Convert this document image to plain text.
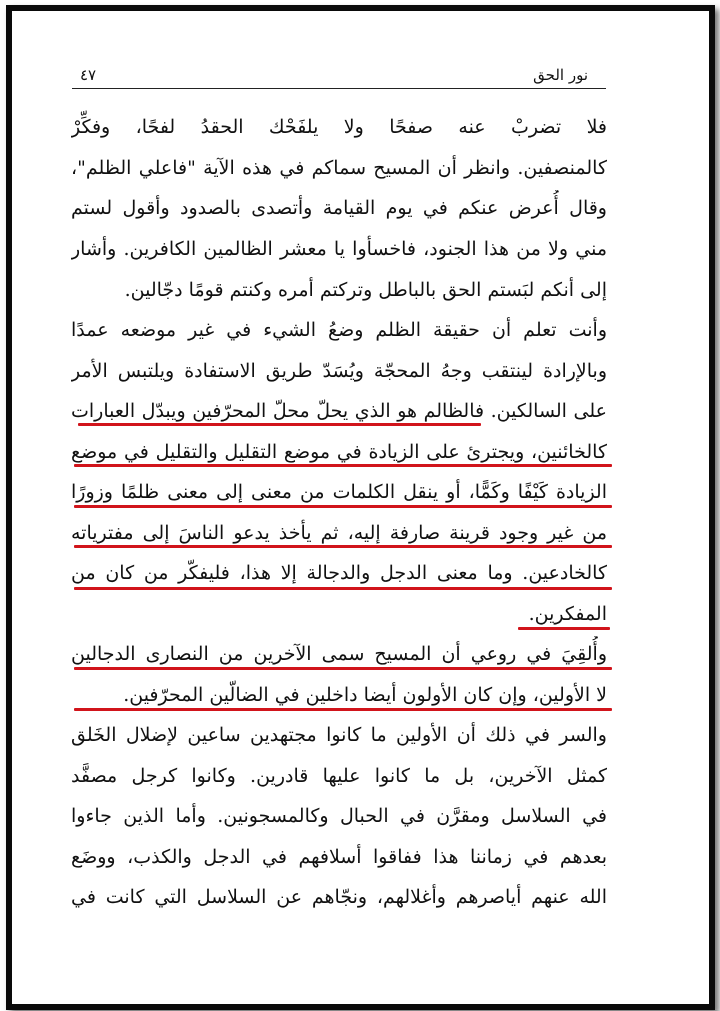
نور الحق
٤٧
فلا تضربْ عنه صفحًا ولا يلفَحْك الحقدُ لفحًا، وفكِّرْ
كالمنصفين. وانظر أن المسيح سماكم في هذه الآية "فاعلي الظلم"،
وقال أُعرض عنكم في يوم القيامة وأتصدى بالصدود وأقول لستم
مني ولا من هذا الجنود، فاخسأوا يا معشر الظالمين الكافرين. وأشار
إلى أنكم لبَستم الحق بالباطل وتركتم أمره وكنتم قومًا دجّالين.
وأنت تعلم أن حقيقة الظلم وضعُ الشيء في غير موضعه عمدًا
وبالإرادة لينتقب وجهُ المحجّة ويُسَدّ طريق الاستفادة ويلتبس الأمر
على السالكين. فالظالم هو الذي يحلّ محلّ المحرّفين ويبدّل العبارات
كالخائنين، ويجترئ على الزيادة في موضع التقليل والتقليل في موضع
الزيادة كَيْفًا وكَمًّا، أو ينقل الكلمات من معنى إلى معنى ظلمًا وزورًا
من غير وجود قرينة صارفة إليه، ثم يأخذ يدعو الناسَ إلى مفترياته
كالخادعين. وما معنى الدجل والدجالة إلا هذا، فليفكّر من كان من
المفكرين.
وأُلقِيَ في روعي أن المسيح سمى الآخرين من النصارى الدجالين
لا الأولين، وإن كان الأولون أيضا داخلين في الضالّين المحرّفين.
والسر في ذلك أن الأولين ما كانوا مجتهدين ساعين لإضلال الخَلق
كمثل الآخرين، بل ما كانوا عليها قادرين. وكانوا كرجل مصفَّد
في السلاسل ومقرَّن في الحبال وكالمسجونين. وأما الذين جاءوا
بعدهم في زماننا هذا ففاقوا أسلافهم في الدجل والكذب، ووضَع
الله عنهم أياصرهم وأغلالهم، ونجّاهم عن السلاسل التي كانت في
